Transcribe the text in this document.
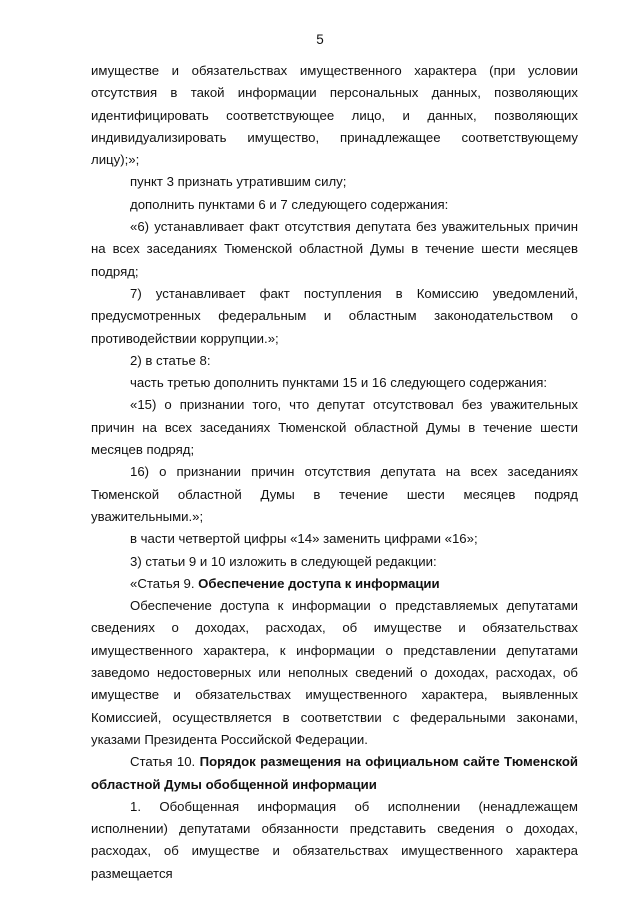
5

имуществе и обязательствах имущественного характера (при условии отсутствия в такой информации персональных данных, позволяющих идентифицировать соответствующее лицо, и данных, позволяющих индивидуализировать имущество, принадлежащее соответствующему лицу);»;

пункт 3 признать утратившим силу;

дополнить пунктами 6 и 7 следующего содержания:

«6) устанавливает факт отсутствия депутата без уважительных причин на всех заседаниях Тюменской областной Думы в течение шести месяцев подряд;

7) устанавливает факт поступления в Комиссию уведомлений, предусмотренных федеральным и областным законодательством о противодействии коррупции.»;

2) в статье 8:

часть третью дополнить пунктами 15 и 16 следующего содержания:

«15) о признании того, что депутат отсутствовал без уважительных причин на всех заседаниях Тюменской областной Думы в течение шести месяцев подряд;

16) о признании причин отсутствия депутата на всех заседаниях Тюменской областной Думы в течение шести месяцев подряд уважительными.»;

в части четвертой цифры «14» заменить цифрами «16»;

3) статьи 9 и 10 изложить в следующей редакции:

«Статья 9. Обеспечение доступа к информации

Обеспечение доступа к информации о представляемых депутатами сведениях о доходах, расходах, об имуществе и обязательствах имущественного характера, к информации о представлении депутатами заведомо недостоверных или неполных сведений о доходах, расходах, об имуществе и обязательствах имущественного характера, выявленных Комиссией, осуществляется в соответствии с федеральными законами, указами Президента Российской Федерации.

Статья 10. Порядок размещения на официальном сайте Тюменской областной Думы обобщенной информации

1. Обобщенная информация об исполнении (ненадлежащем исполнении) депутатами обязанности представить сведения о доходах, расходах, об имуществе и обязательствах имущественного характера размещается
